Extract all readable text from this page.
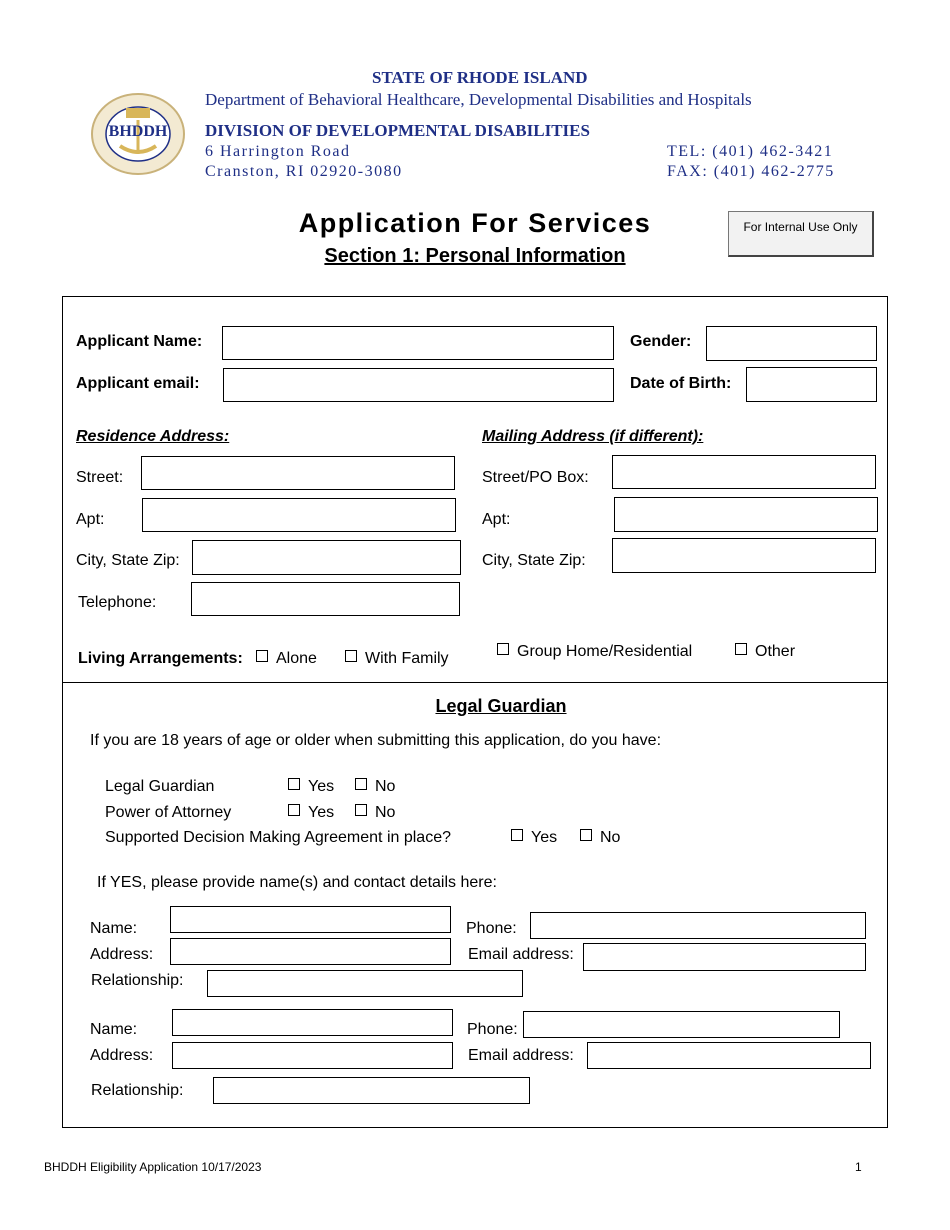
BHDDH
STATE OF RHODE ISLAND
Department of Behavioral Healthcare, Developmental Disabilities and Hospitals
DIVISION OF DEVELOPMENTAL DISABILITIES
6 Harrington Road
Cranston, RI 02920-3080
TEL: (401) 462-3421
FAX: (401) 462-2775
Application For Services
Section 1: Personal Information
For Internal Use Only
Applicant Name:	Gender:
Applicant email:	Date of Birth:
Residence Address:	Mailing Address (if different):
Street:	Street/PO Box:
Apt:	Apt:
City, State Zip:	City, State Zip:
Telephone:
Living Arrangements:	Alone	With Family	Group Home/Residential	Other
Legal Guardian
If you are 18 years of age or older when submitting this application, do you have:
Legal Guardian	Yes	No
Power of Attorney	Yes	No
Supported Decision Making Agreement in place?	Yes	No
If YES, please provide name(s) and contact details here:
Name:	Phone:
Address:	Email address:
Relationship:
Name:	Phone:
Address:	Email address:
Relationship:
BHDDH Eligibility Application 10/17/2023	1
